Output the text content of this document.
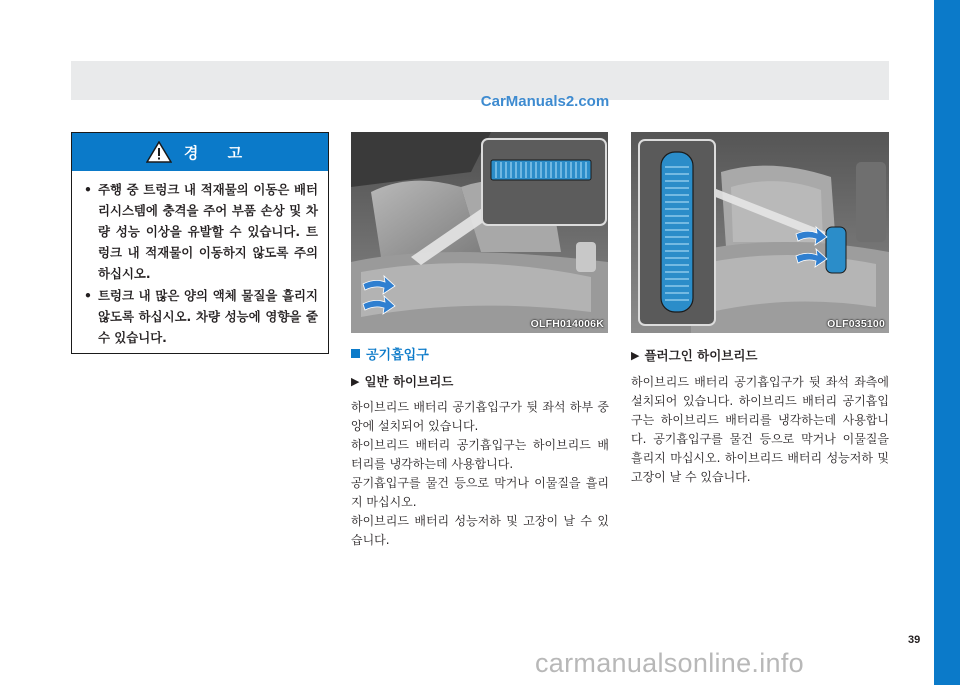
CarManuals2.com
경 고
• 주행 중 트렁크 내 적재물의 이동은 배터리시스템에 충격을 주어 부품 손상 및 차량 성능 이상을 유발할 수 있습니다. 트렁크 내 적재물이 이동하지 않도록 주의하십시오.
• 트렁크 내 많은 양의 액체 물질을 흘리지 않도록 하십시오. 차량 성능에 영향을 줄 수 있습니다.
OLFH014006K	OLF035100
공기흡입구
▶ 일반 하이브리드

하이브리드 배터리 공기흡입구가 뒷 좌석 하부 중앙에 설치되어 있습니다.

하이브리드 배터리 공기흡입구는 하이브리드 배터리를 냉각하는데 사용합니다.

공기흡입구를 물건 등으로 막거나 이물질을 흘리지 마십시오.

하이브리드 배터리 성능저하 및 고장이 날 수 있습니다.

▶ 플러그인 하이브리드

하이브리드 배터리 공기흡입구가 뒷 좌석 좌측에 설치되어 있습니다. 하이브리드 배터리 공기흡입구는 하이브리드 배터리를 냉각하는데 사용합니다. 공기흡입구를 물건 등으로 막거나 이물질을 흘리지 마십시오. 하이브리드 배터리 성능저하 및 고장이 날 수 있습니다.

39
carmanualsonline.info
